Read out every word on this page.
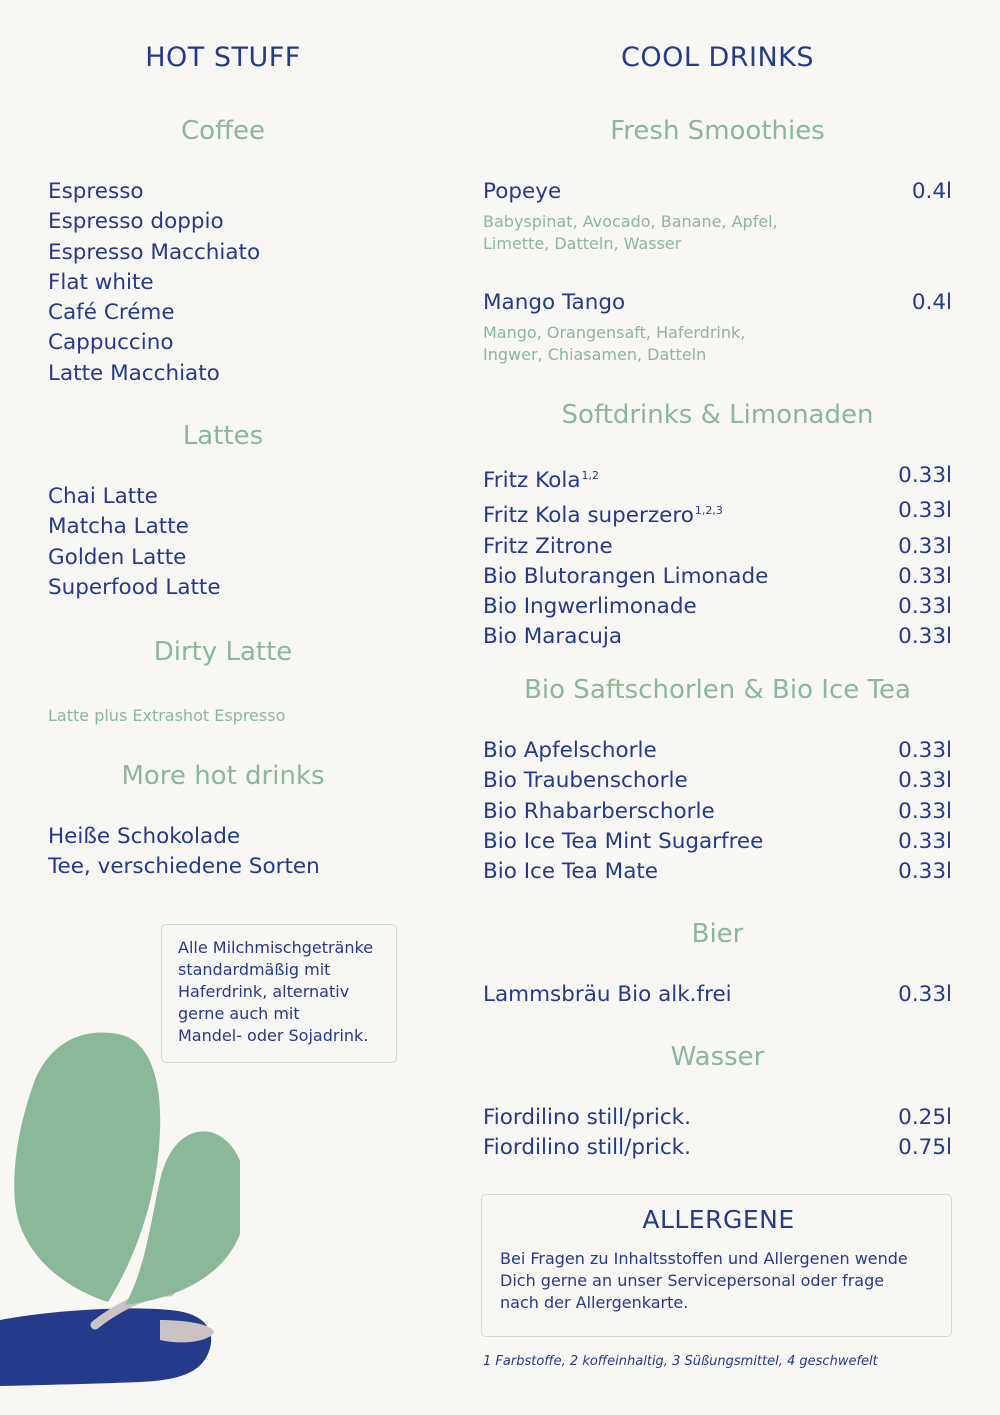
HOT STUFF
Coffee
Espresso
Espresso doppio
Espresso Macchiato
Flat white
Café Créme
Cappuccino
Latte Macchiato
Lattes
Chai Latte
Matcha Latte
Golden Latte
Superfood Latte
Dirty Latte
Latte plus Extrashot Espresso
More hot drinks
Heiße Schokolade
Tee, verschiedene Sorten
Alle Milchmischgetränke
standardmäßig mit
Haferdrink, alternativ
gerne auch mit
Mandel- oder Sojadrink.
COOL DRINKS
Fresh Smoothies
Popeye	0.4l
Babyspinat, Avocado, Banane, Apfel,
Limette, Datteln, Wasser
Mango Tango	0.4l
Mango, Orangensaft, Haferdrink,
Ingwer, Chiasamen, Datteln
Softdrinks & Limonaden
Fritz Kola$^{1,2}$	0.33l
Fritz Kola superzero$^{1,2,3}$	0.33l
Fritz Zitrone	0.33l
Bio Blutorangen Limonade	0.33l
Bio Ingwerlimonade	0.33l
Bio Maracuja	0.33l
Bio Saftschorlen & Bio Ice Tea
Bio Apfelschorle	0.33l
Bio Traubenschorle	0.33l
Bio Rhabarberschorle	0.33l
Bio Ice Tea Mint Sugarfree	0.33l
Bio Ice Tea Mate	0.33l
Bier
Lammsbräu Bio alk.frei	0.33l
Wasser
Fiordilino still/prick.	0.25l
Fiordilino still/prick.	0.75l
ALLERGENE
Bei Fragen zu Inhaltsstoffen und Allergenen wende
Dich gerne an unser Servicepersonal oder frage
nach der Allergenkarte.
1 Farbstoffe, 2 koffeinhaltig, 3 Süßungsmittel, 4 geschwefelt
